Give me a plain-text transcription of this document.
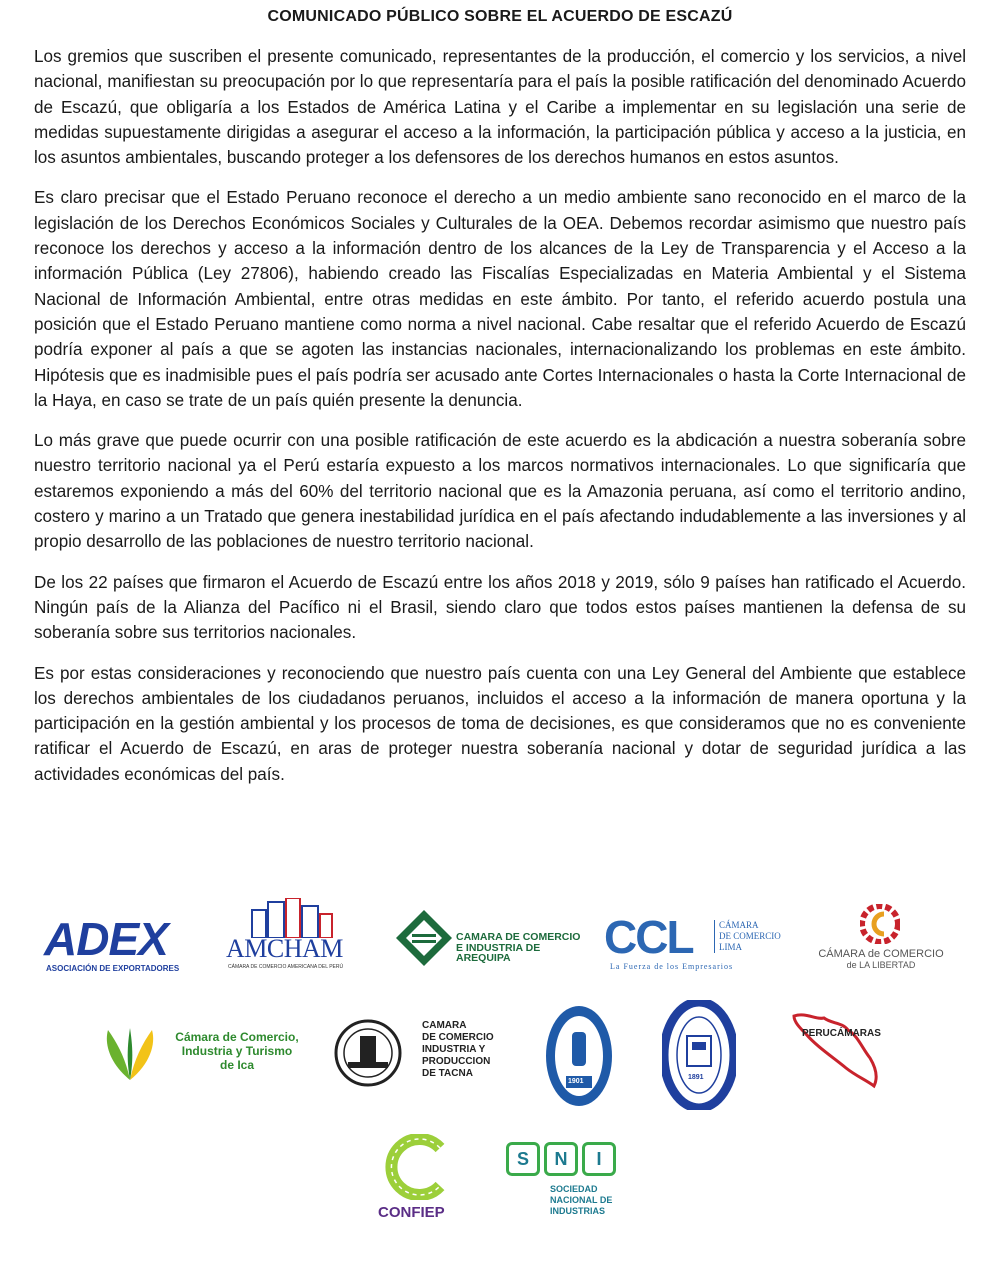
COMUNICADO PÚBLICO SOBRE EL ACUERDO DE ESCAZÚ

Los gremios que suscriben el presente comunicado, representantes de la producción, el comercio y los servicios, a nivel nacional, manifiestan su preocupación por lo que representaría para el país la posible ratificación del denominado Acuerdo de Escazú, que obligaría a los Estados de América Latina y el Caribe a implementar en su legislación una serie de medidas supuestamente dirigidas a asegurar el acceso a la información, la participación pública y acceso a la justicia, en los asuntos ambientales, buscando proteger a los defensores de los derechos humanos en estos asuntos.

Es claro precisar que el Estado Peruano reconoce el derecho a un medio ambiente sano reconocido en el marco de la legislación de los Derechos Económicos Sociales y Culturales de la OEA. Debemos recordar asimismo que nuestro país reconoce los derechos y acceso a la información dentro de los alcances de la Ley de Transparencia y el Acceso a la información Pública (Ley 27806), habiendo creado las Fiscalías Especializadas en Materia Ambiental y el Sistema Nacional de Información Ambiental, entre otras medidas en este ámbito. Por tanto, el referido acuerdo postula una posición que el Estado Peruano mantiene como norma a nivel nacional. Cabe resaltar que el referido Acuerdo de Escazú podría exponer al país a que se agoten las instancias nacionales, internacionalizando los problemas en este ámbito. Hipótesis que es inadmisible pues el país podría ser acusado ante Cortes Internacionales o hasta la Corte Internacional de la Haya, en caso se trate de un país quién presente la denuncia.

Lo más grave que puede ocurrir con una posible ratificación de este acuerdo es la abdicación a nuestra soberanía sobre nuestro territorio nacional ya el Perú estaría expuesto a los marcos normativos internacionales. Lo que significaría que estaremos exponiendo a más del 60% del territorio nacional que es la Amazonia peruana, así como el territorio andino, costero y marino a un Tratado que genera inestabilidad jurídica en el país afectando indudablemente a las inversiones y al propio desarrollo de las poblaciones de nuestro territorio nacional.

De los 22 países que firmaron el Acuerdo de Escazú entre los años 2018 y 2019, sólo 9 países han ratificado el Acuerdo. Ningún país de la Alianza del Pacífico ni el Brasil, siendo claro que todos estos países mantienen la defensa de su soberanía sobre sus territorios nacionales.

Es por estas consideraciones y reconociendo que nuestro país cuenta con una Ley General del Ambiente que establece los derechos ambientales de los ciudadanos peruanos, incluidos el acceso a la información de manera oportuna y la participación en la gestión ambiental y los procesos de toma de decisiones, es que consideramos que no es conveniente ratificar el Acuerdo de Escazú, en aras de proteger nuestra soberanía nacional y dotar de seguridad jurídica a las actividades económicas del país.

ADEX
ASOCIACIÓN DE EXPORTADORES
AMCHAM
CÁMARA DE COMERCIO AMERICANA DEL PERÚ
CAMARA DE COMERCIO
E INDUSTRIA DE
AREQUIPA	CCL	CÁMARA
DE COMERCIO
LIMA
La Fuerza de los Empresarios
CÁMARA de COMERCIO
de LA LIBERTAD
Cámara de Comercio,
Industria y Turismo
de Ica
CAMARA
DE COMERCIO
INDUSTRIA Y
PRODUCCION
DE TACNA
1901
1891
PERUCÁMARAS
CONFIEP
S	N	I
SOCIEDAD
NACIONAL DE
INDUSTRIAS
